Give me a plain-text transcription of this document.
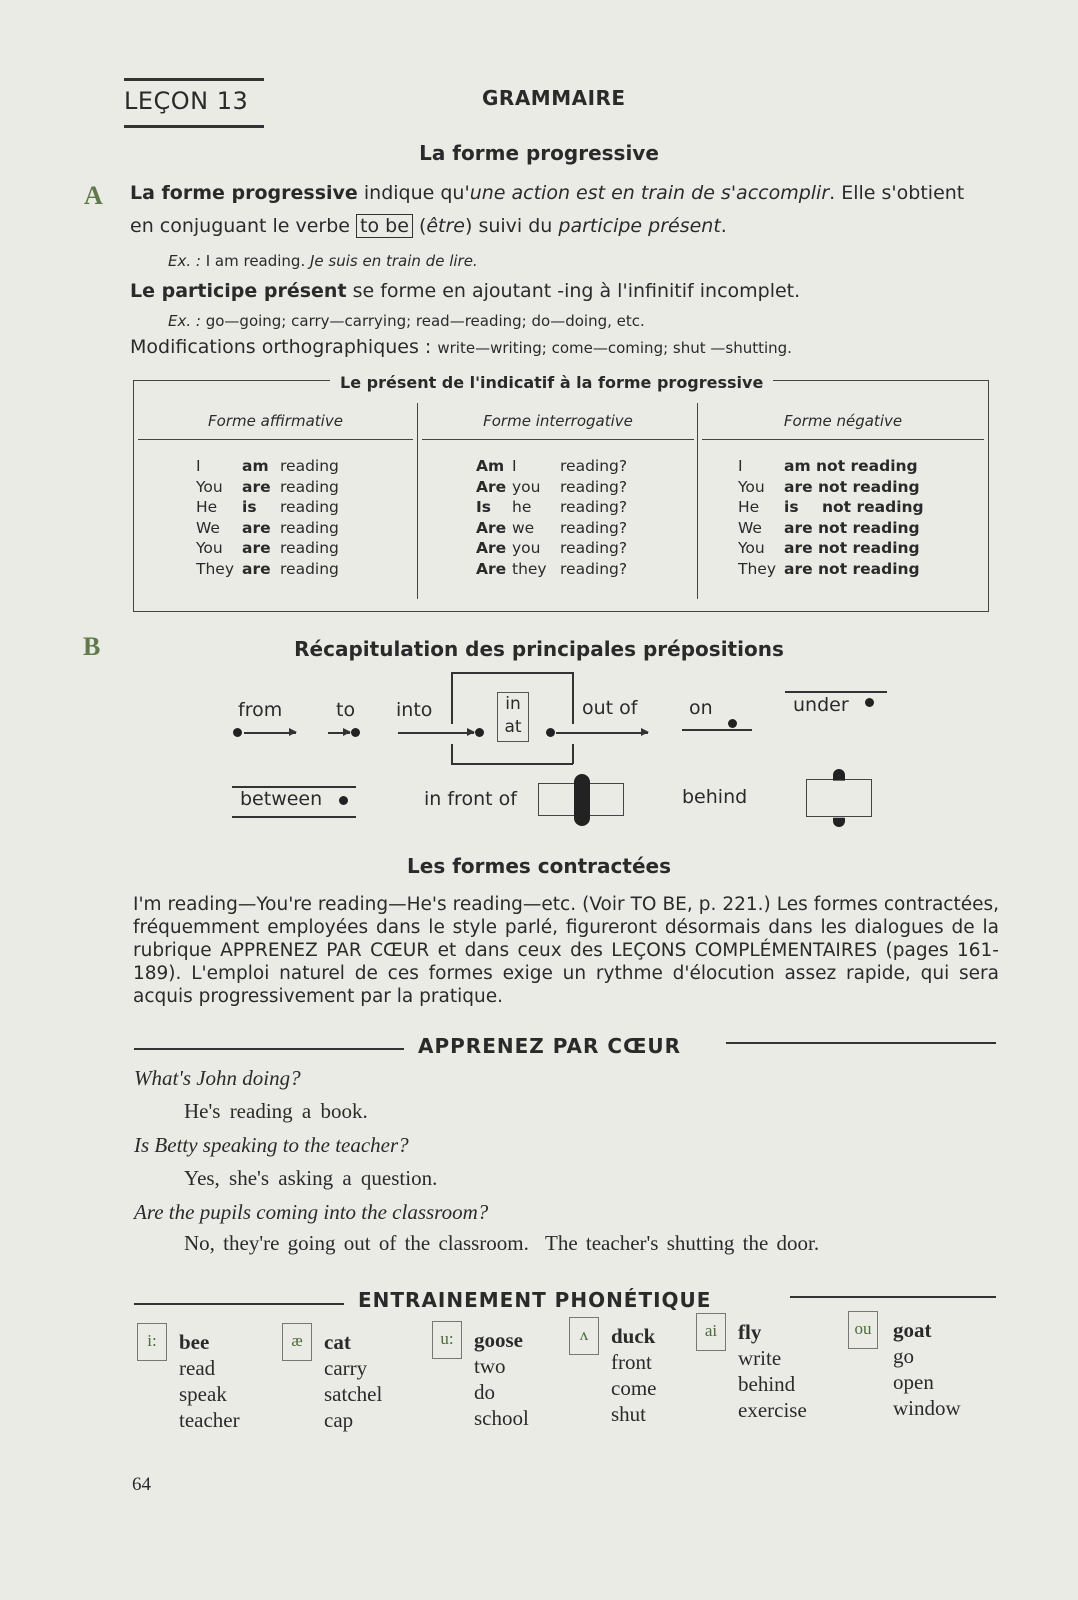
LEÇON 13	GRAMMAIRE
La forme progressive
A La forme progressive indique qu'une action est en train de s'accomplir. Elle s'obtient
en conjuguant le verbe to be (être) suivi du participe présent.
Ex. : I am reading. Je suis en train de lire.
Le participe présent se forme en ajoutant -ing à l'infinitif incomplet.
Ex. : go—going; carry—carrying; read—reading; do—doing, etc.
Modifications orthographiques : write—writing; come—coming; shut —shutting.
Forme affirmative
I	am reading
You	are reading
He	is	reading
We	are reading
You	are reading
They are reading
Forme interrogative
Am I	reading?
Are you	reading?
Is	he	reading?
Are we	reading?
Are you	reading?
Are they reading?
Forme négative
I	am not reading
You	are not reading
He	is	not reading
We	are not reading
You	are not reading
They are not reading
Le présent de l'indicatif à la forme progressive
B	Récapitulation des principales prépositions
from	to into	in
at
out of	on	under
between	in front of	behind
Les formes contractées
I'm reading—You're reading—He's reading—etc. (Voir TO BE, p. 221.) Les formes contractées, fréquemment employées dans le style parlé, figureront désormais dans les dialogues de la rubrique APPRENEZ PAR CŒUR et dans ceux des LEÇONS COMPLÉMENTAIRES (pages 161-189). L'emploi naturel de ces formes exige un rythme d'élocution assez rapide, qui sera acquis progressivement par la pratique.
APPRENEZ PAR CŒUR
What's John doing?
He's reading a book.
Is Betty speaking to the teacher?
Yes, she's asking a question.
Are the pupils coming into the classroom?
No, they're going out of the classroom.  The teacher's shutting the door.
ENTRAINEMENT PHONÉTIQUE
i:	bee
read
speak
teacher
æ	cat
carry
satchel
cap
u: goose
two
do
school
ʌ	duck
front
come
shut
ai fly
write
behind
exercise
ou	goat
go
open
window
64
